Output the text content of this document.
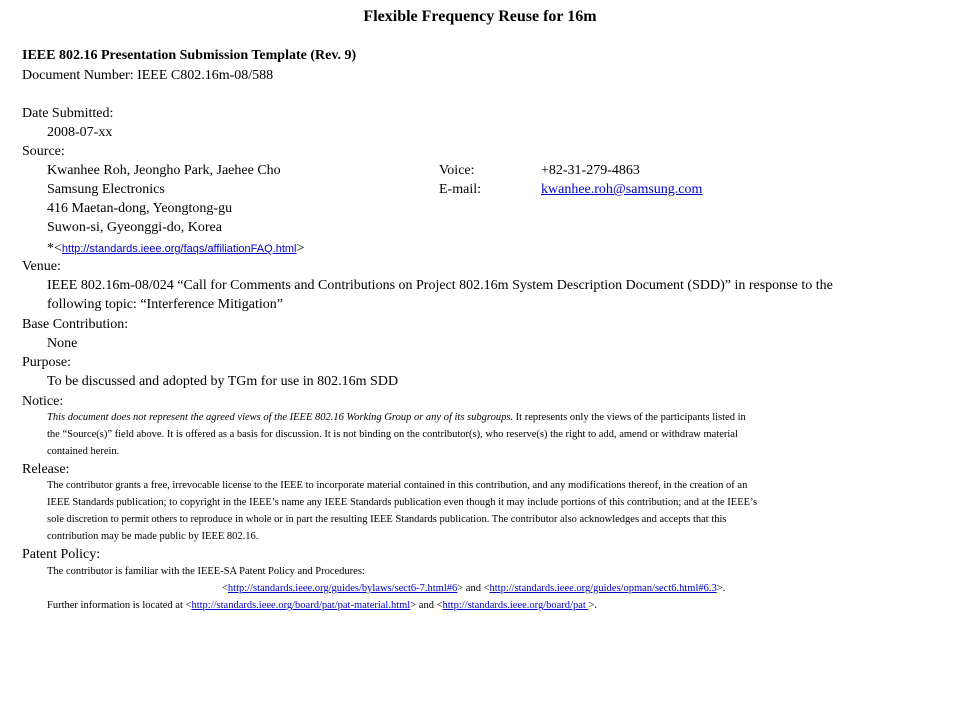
Flexible Frequency Reuse for 16m
IEEE 802.16 Presentation Submission Template (Rev. 9)
Document Number: IEEE C802.16m-08/588
Date Submitted:
2008-07-xx
Source:
Kwanhee Roh, Jeongho Park, Jaehee Cho	Voice:	+82-31-279-4863
Samsung Electronics	E-mail:	kwanhee.roh@samsung.com
416 Maetan-dong, Yeongtong-gu
Suwon-si, Gyeonggi-do, Korea
*<http://standards.ieee.org/faqs/affiliationFAQ.html>
Venue:
IEEE 802.16m-08/024 “Call for Comments and Contributions on Project 802.16m System Description Document (SDD)” in response to the
following topic: “Interference Mitigation”
Base Contribution:
None
Purpose:
To be discussed and adopted by TGm for use in 802.16m SDD
Notice:
This document does not represent the agreed views of the IEEE 802.16 Working Group or any of its subgroups. It represents only the views of the participants listed in
the “Source(s)” field above. It is offered as a basis for discussion. It is not binding on the contributor(s), who reserve(s) the right to add, amend or withdraw material
contained herein.
Release:
The contributor grants a free, irrevocable license to the IEEE to incorporate material contained in this contribution, and any modifications thereof, in the creation of an
IEEE Standards publication; to copyright in the IEEE’s name any IEEE Standards publication even though it may include portions of this contribution; and at the IEEE’s
sole discretion to permit others to reproduce in whole or in part the resulting IEEE Standards publication. The contributor also acknowledges and accepts that this
contribution may be made public by IEEE 802.16.
Patent Policy:
The contributor is familiar with the IEEE-SA Patent Policy and Procedures:
<http://standards.ieee.org/guides/bylaws/sect6-7.html#6> and <http://standards.ieee.org/guides/opman/sect6.html#6.3>.
Further information is located at <http://standards.ieee.org/board/pat/pat-material.html> and <http://standards.ieee.org/board/pat >.
